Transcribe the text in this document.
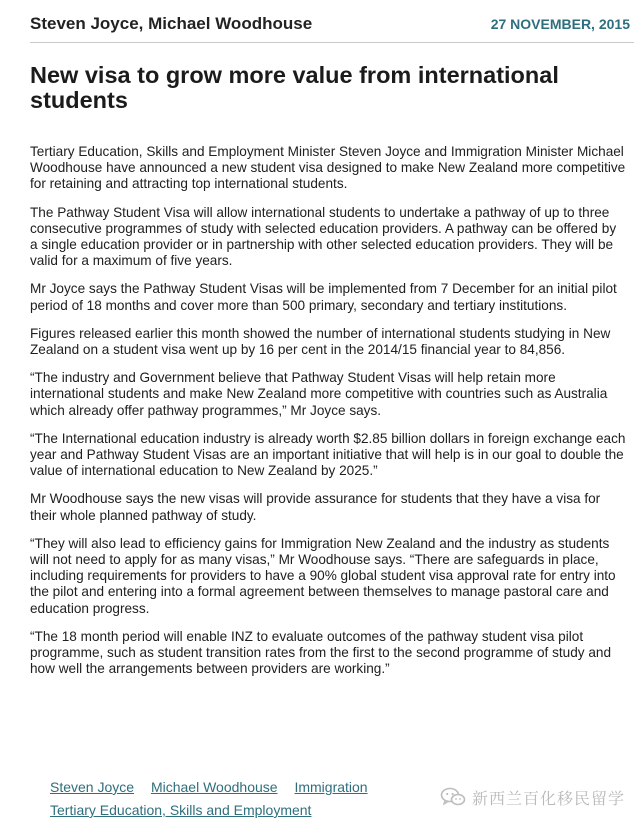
Steven Joyce, Michael Woodhouse	27 NOVEMBER, 2015
New visa to grow more value from international students

Tertiary Education, Skills and Employment Minister Steven Joyce and Immigration Minister Michael Woodhouse have announced a new student visa designed to make New Zealand more competitive for retaining and attracting top international students.

The Pathway Student Visa will allow international students to undertake a pathway of up to three consecutive programmes of study with selected education providers. A pathway can be offered by a single education provider or in partnership with other selected education providers. They will be valid for a maximum of five years.

Mr Joyce says the Pathway Student Visas will be implemented from 7 December for an initial pilot period of 18 months and cover more than 500 primary, secondary and tertiary institutions.

Figures released earlier this month showed the number of international students studying in New Zealand on a student visa went up by 16 per cent in the 2014/15 financial year to 84,856.

“The industry and Government believe that Pathway Student Visas will help retain more international students and make New Zealand more competitive with countries such as Australia which already offer pathway programmes,” Mr Joyce says.

“The International education industry is already worth $2.85 billion dollars in foreign exchange each year and Pathway Student Visas are an important initiative that will help is in our goal to double the value of international education to New Zealand by 2025.”

Mr Woodhouse says the new visas will provide assurance for students that they have a visa for their whole planned pathway of study.

“They will also lead to efficiency gains for Immigration New Zealand and the industry as students will not need to apply for as many visas,” Mr Woodhouse says. “There are safeguards in place, including requirements for providers to have a 90% global student visa approval rate for entry into the pilot and entering into a formal agreement between themselves to manage pastoral care and education progress.

“The 18 month period will enable INZ to evaluate outcomes of the pathway student visa pilot programme, such as student transition rates from the first to the second programme of study and how well the arrangements between providers are working.”

Steven Joyce Michael Woodhouse Immigration
Tertiary Education, Skills and Employment
新西兰百化移民留学
